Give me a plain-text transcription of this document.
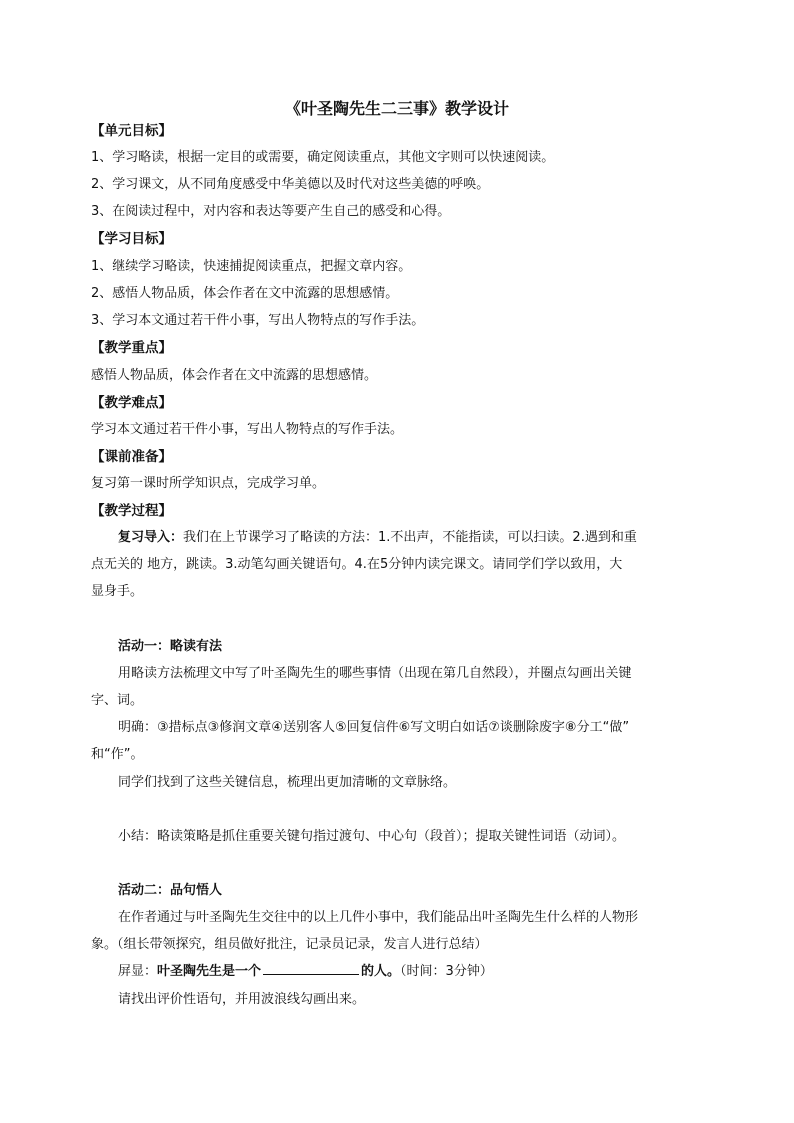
《叶圣陶先生二三事》教学设计
【单元目标】
1、学习略读，根据一定目的或需要，确定阅读重点，其他文字则可以快速阅读。
2、学习课文，从不同角度感受中华美德以及时代对这些美德的呼唤。
3、在阅读过程中，对内容和表达等要产生自己的感受和心得。
【学习目标】
1、继续学习略读，快速捕捉阅读重点，把握文章内容。
2、感悟人物品质，体会作者在文中流露的思想感情。
3、学习本文通过若干件小事，写出人物特点的写作手法。
【教学重点】
感悟人物品质，体会作者在文中流露的思想感情。
【教学难点】
学习本文通过若干件小事，写出人物特点的写作手法。
【课前准备】
复习第一课时所学知识点，完成学习单。
【教学过程】
复习导入：我们在上节课学习了略读的方法：1.不出声，不能指读，可以扫读。2.遇到和重
点无关的 地方，跳读。3.动笔勾画关键语句。4.在5分钟内读完课文。请同学们学以致用，大
显身手。
活动一：略读有法
用略读方法梳理文中写了叶圣陶先生的哪些事情（出现在第几自然段），并圈点勾画出关键
字、词。
明确：③措标点③修润文章④送别客人⑤回复信件⑥写文明白如话⑦谈删除废字⑧分工“做”
和“作”。
同学们找到了这些关键信息，梳理出更加清晰的文章脉络。
小结：略读策略是抓住重要关键句指过渡句、中心句（段首）；提取关键性词语（动词）。
活动二：品句悟人
在作者通过与叶圣陶先生交往中的以上几件小事中，我们能品出叶圣陶先生什么样的人物形
象。（组长带领探究，组员做好批注，记录员记录，发言人进行总结）
屏显：叶圣陶先生是一个	的人。（时间：3分钟）
请找出评价性语句，并用波浪线勾画出来。
